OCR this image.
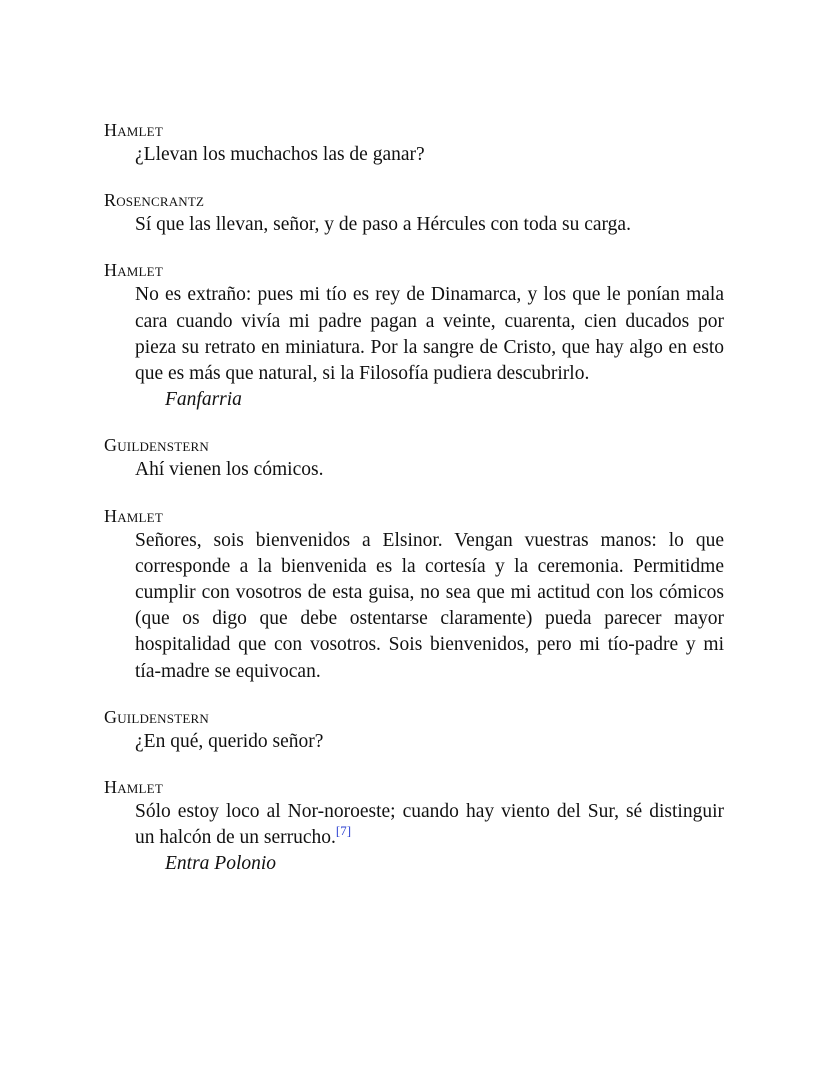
Hamlet

¿Llevan los muchachos las de ganar?

Rosencrantz

Sí que las llevan, señor, y de paso a Hércules con toda su carga.

Hamlet

No es extraño: pues mi tío es rey de Dinamarca, y los que le ponían mala cara cuando vivía mi padre pagan a veinte, cuarenta, cien ducados por pieza su retrato en miniatura. Por la sangre de Cristo, que hay algo en esto que es más que natural, si la Filosofía pudiera descubrirlo.

Fanfarria

Guildenstern

Ahí vienen los cómicos.

Hamlet

Señores, sois bienvenidos a Elsinor. Vengan vuestras manos: lo que corresponde a la bienvenida es la cortesía y la ceremonia. Permitidme cumplir con vosotros de esta guisa, no sea que mi actitud con los cómicos (que os digo que debe ostentarse claramente) pueda parecer mayor hospitalidad que con vosotros. Sois bienvenidos, pero mi tío-padre y mi tía-madre se equivocan.

Guildenstern

¿En qué, querido señor?

Hamlet

Sólo estoy loco al Nor-noroeste; cuando hay viento del Sur, sé distinguir un halcón de un serrucho.[7]

Entra Polonio
